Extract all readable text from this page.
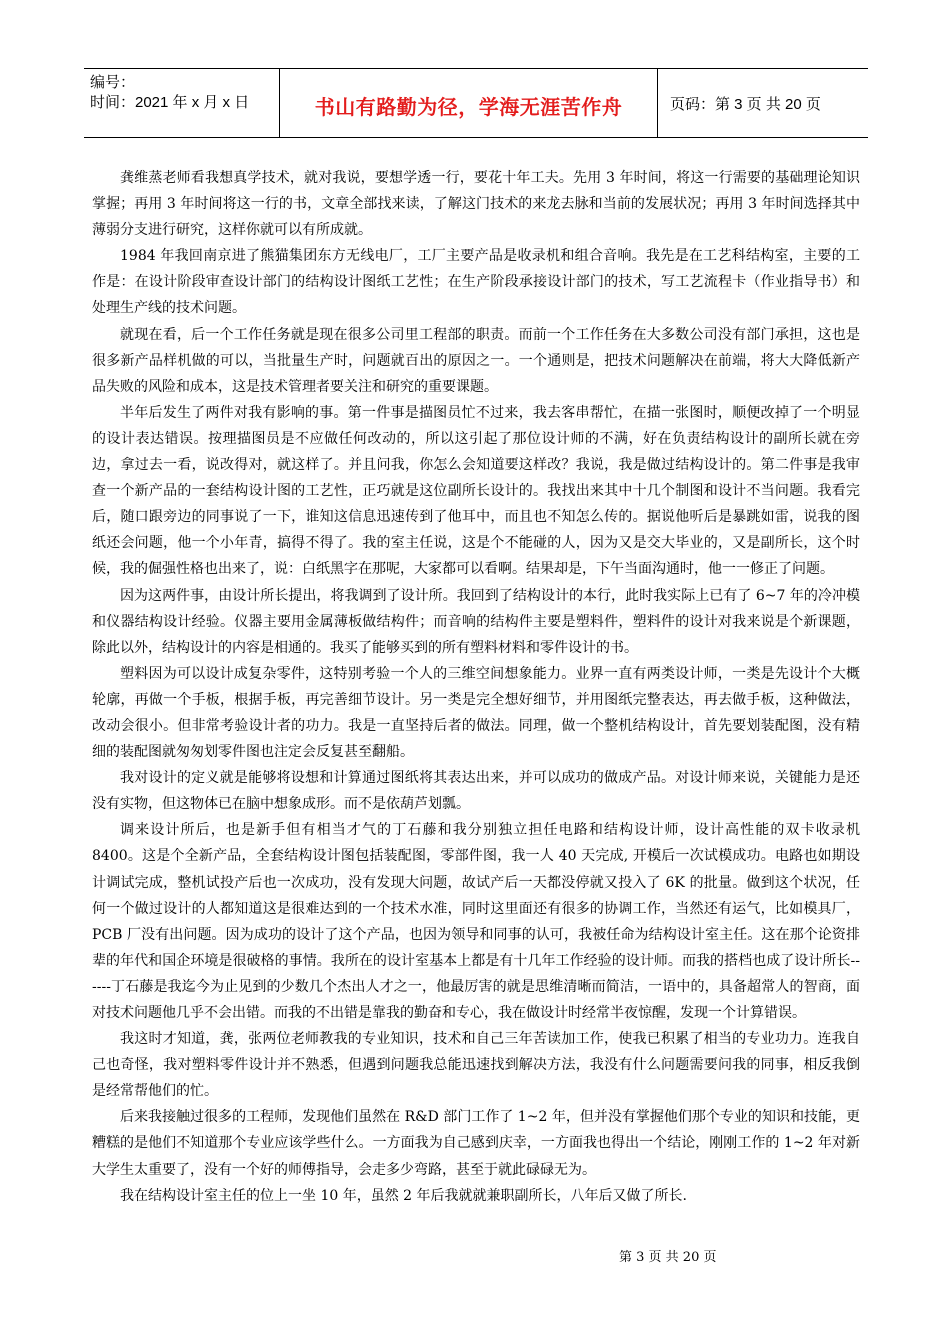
编号：
时间：2021 年 x 月 x 日	书山有路勤为径，学海无涯苦作舟	页码：第 3 页 共 20 页

龚维蒸老师看我想真学技术，就对我说，要想学透一行，要花十年工夫。先用 3 年时间，将这一行需要的基础理论知识掌握；再用 3 年时间将这一行的书，文章全部找来读，了解这门技术的来龙去脉和当前的发展状况；再用 3 年时间选择其中薄弱分支进行研究，这样你就可以有所成就。

1984 年我回南京进了熊猫集团东方无线电厂，工厂主要产品是收录机和组合音响。我先是在工艺科结构室，主要的工作是：在设计阶段审查设计部门的结构设计图纸工艺性；在生产阶段承接设计部门的技术，写工艺流程卡（作业指导书）和处理生产线的技术问题。

就现在看，后一个工作任务就是现在很多公司里工程部的职责。而前一个工作任务在大多数公司没有部门承担，这也是很多新产品样机做的可以，当批量生产时，问题就百出的原因之一。一个通则是，把技术问题解决在前端，将大大降低新产品失败的风险和成本，这是技术管理者要关注和研究的重要课题。

半年后发生了两件对我有影响的事。第一件事是描图员忙不过来，我去客串帮忙，在描一张图时，顺便改掉了一个明显的设计表达错误。按理描图员是不应做任何改动的，所以这引起了那位设计师的不满，好在负责结构设计的副所长就在旁边，拿过去一看，说改得对，就这样了。并且问我，你怎么会知道要这样改？我说，我是做过结构设计的。第二件事是我审查一个新产品的一套结构设计图的工艺性，正巧就是这位副所长设计的。我找出来其中十几个制图和设计不当问题。我看完后，随口跟旁边的同事说了一下，谁知这信息迅速传到了他耳中，而且也不知怎么传的。据说他听后是暴跳如雷，说我的图纸还会问题，他一个小年青，搞得不得了。我的室主任说，这是个不能碰的人，因为又是交大毕业的，又是副所长，这个时候，我的倔强性格也出来了，说：白纸黑字在那呢，大家都可以看啊。结果却是，下午当面沟通时，他一一修正了问题。

因为这两件事，由设计所长提出，将我调到了设计所。我回到了结构设计的本行，此时我实际上已有了 6~7 年的冷冲模和仪器结构设计经验。仪器主要用金属薄板做结构件；而音响的结构件主要是塑料件，塑料件的设计对我来说是个新课题，除此以外，结构设计的内容是相通的。我买了能够买到的所有塑料材料和零件设计的书。

塑料因为可以设计成复杂零件，这特别考验一个人的三维空间想象能力。业界一直有两类设计师，一类是先设计个大概轮廓，再做一个手板，根据手板，再完善细节设计。另一类是完全想好细节，并用图纸完整表达，再去做手板，这种做法，改动会很小。但非常考验设计者的功力。我是一直坚持后者的做法。同理，做一个整机结构设计，首先要划装配图，没有精细的装配图就匆匆划零件图也注定会反复甚至翻船。

我对设计的定义就是能够将设想和计算通过图纸将其表达出来，并可以成功的做成产品。对设计师来说，关键能力是还没有实物，但这物体已在脑中想象成形。而不是依葫芦划瓢。

调来设计所后，也是新手但有相当才气的丁石藤和我分别独立担任电路和结构设计师，设计高性能的双卡收录机 8400。这是个全新产品，全套结构设计图包括装配图，零部件图，我一人 40 天完成, 开模后一次试模成功。电路也如期设计调试完成，整机试投产后也一次成功，没有发现大问题，故试产后一天都没停就又投入了 6K 的批量。做到这个状况，任何一个做过设计的人都知道这是很难达到的一个技术水准，同时这里面还有很多的协调工作，当然还有运气，比如模具厂，PCB 厂没有出问题。因为成功的设计了这个产品，也因为领导和同事的认可，我被任命为结构设计室主任。这在那个论资排辈的年代和国企环境是很破格的事情。我所在的设计室基本上都是有十几年工作经验的设计师。而我的搭档也成了设计所长------丁石藤是我迄今为止见到的少数几个杰出人才之一，他最厉害的就是思维清晰而简洁，一语中的，具备超常人的智商，面对技术问题他几乎不会出错。而我的不出错是靠我的勤奋和专心，我在做设计时经常半夜惊醒，发现一个计算错误。

我这时才知道，龚，张两位老师教我的专业知识，技术和自己三年苦读加工作，使我已积累了相当的专业功力。连我自己也奇怪，我对塑料零件设计并不熟悉，但遇到问题我总能迅速找到解决方法，我没有什么问题需要问我的同事，相反我倒是经常帮他们的忙。

后来我接触过很多的工程师，发现他们虽然在 R&D 部门工作了 1~2 年，但并没有掌握他们那个专业的知识和技能，更糟糕的是他们不知道那个专业应该学些什么。一方面我为自己感到庆幸，一方面我也得出一个结论，刚刚工作的 1~2 年对新大学生太重要了，没有一个好的师傅指导，会走多少弯路，甚至于就此碌碌无为。

我在结构设计室主任的位上一坐 10 年，虽然 2 年后我就就兼职副所长，八年后又做了所长.

第 3 页 共 20 页
